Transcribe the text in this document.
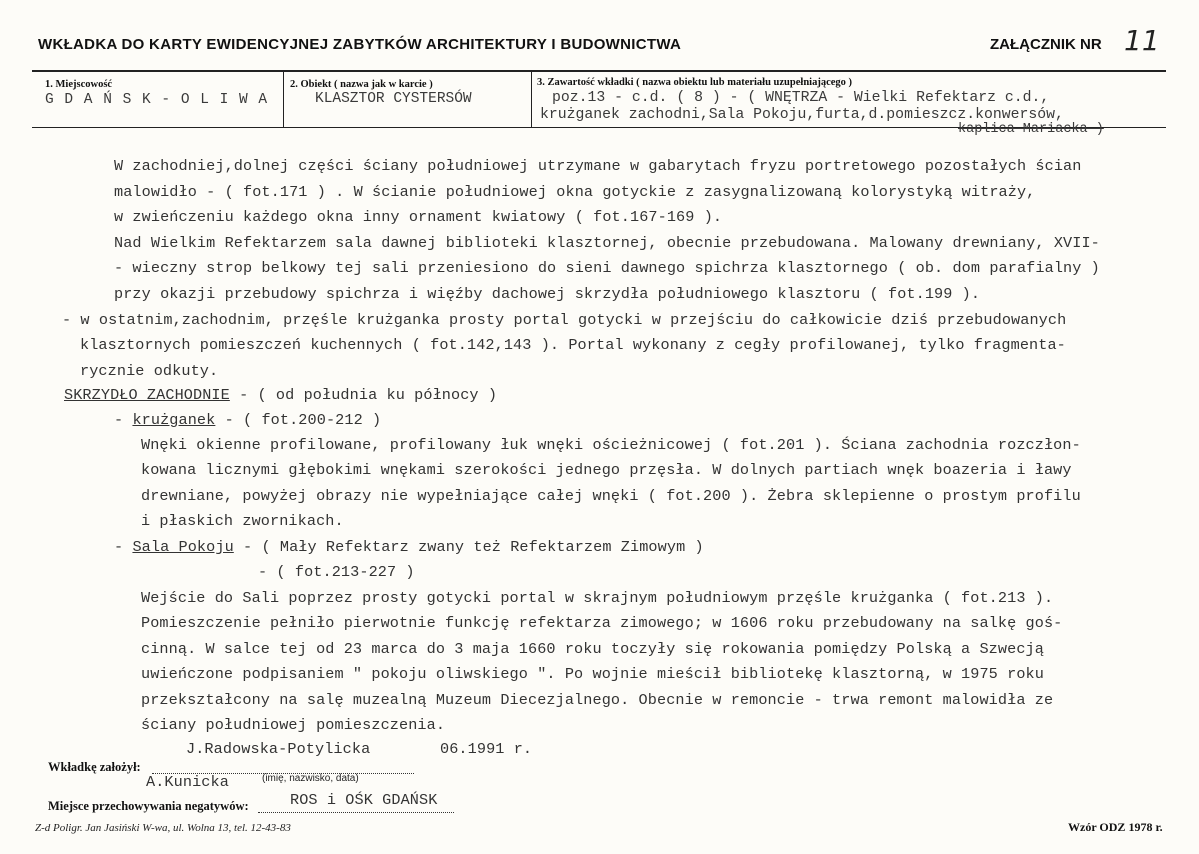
WKŁADKA DO KARTY EWIDENCYJNEJ ZABYTKÓW ARCHITEKTURY I BUDOWNICTWA	ZAŁĄCZNIK NR 11
1. Miejscowość
G D A Ń S K - O L I W A
2. Obiekt ( nazwa jak w karcie )
KLASZTOR CYSTERSÓW
3. Zawartość wkładki ( nazwa obiektu lub materiału uzupełniającego )
poz.13 - c.d. ( 8 ) - ( WNĘTRZA - Wielki Refektarz c.d.,
krużganek zachodni,Sala Pokoju,furta,d.pomieszcz.konwersów,
kaplica Mariacka )
W zachodniej,dolnej części ściany południowej utrzymane w gabarytach fryzu portretowego pozostałych ścian
malowidło - ( fot.171 ) . W ścianie południowej okna gotyckie z zasygnalizowaną kolorystyką witraży,
w zwieńczeniu każdego okna inny ornament kwiatowy ( fot.167-169 ).
Nad Wielkim Refektarzem sala dawnej biblioteki klasztornej, obecnie przebudowana. Malowany drewniany, XVII-
- wieczny strop belkowy tej sali przeniesiono do sieni dawnego spichrza klasztornego ( ob. dom parafialny )
przy okazji przebudowy spichrza i więźby dachowej skrzydła południowego klasztoru ( fot.199 ).
- w ostatnim,zachodnim, przęśle krużganka prosty portal gotycki w przejściu do całkowicie dziś przebudowanych
klasztornych pomieszczeń kuchennych ( fot.142,143 ). Portal wykonany z cegły profilowanej, tylko fragmenta-
rycznie odkuty.
SKRZYDŁO ZACHODNIE - ( od południa ku północy )
- krużganek - ( fot.200-212 )
Wnęki okienne profilowane, profilowany łuk wnęki ościeżnicowej ( fot.201 ). Ściana zachodnia rozczłon-
kowana licznymi głębokimi wnękami szerokości jednego przęsła. W dolnych partiach wnęk boazeria i ławy
drewniane, powyżej obrazy nie wypełniające całej wnęki ( fot.200 ). Żebra sklepienne o prostym profilu
i płaskich zwornikach.
- Sala Pokoju - ( Mały Refektarz zwany też Refektarzem Zimowym )
- ( fot.213-227 )
Wejście do Sali poprzez prosty gotycki portal w skrajnym południowym przęśle krużganka ( fot.213 ).
Pomieszczenie pełniło pierwotnie funkcję refektarza zimowego; w 1606 roku przebudowany na salkę goś-
cinną. W salce tej od 23 marca do 3 maja 1660 roku toczyły się rokowania pomiędzy Polską a Szwecją
uwieńczone podpisaniem " pokoju oliwskiego ". Po wojnie mieścił bibliotekę klasztorną, w 1975 roku
przekształcony na salę muzealną Muzeum Diecezjalnego. Obecnie w remoncie - trwa remont malowidła ze
ściany południowej pomieszczenia.
J.Radowska-Potylicka	06.1991 r.
Wkładkę założył:
A.Kunicka	(imię, nazwisko, data)
Miejsce przechowywania negatywów:	ROS i OŚK GDAŃSK
Z-d Poligr. Jan Jasiński W-wa, ul. Wolna 13, tel. 12-43-83	Wzór ODZ 1978 r.
